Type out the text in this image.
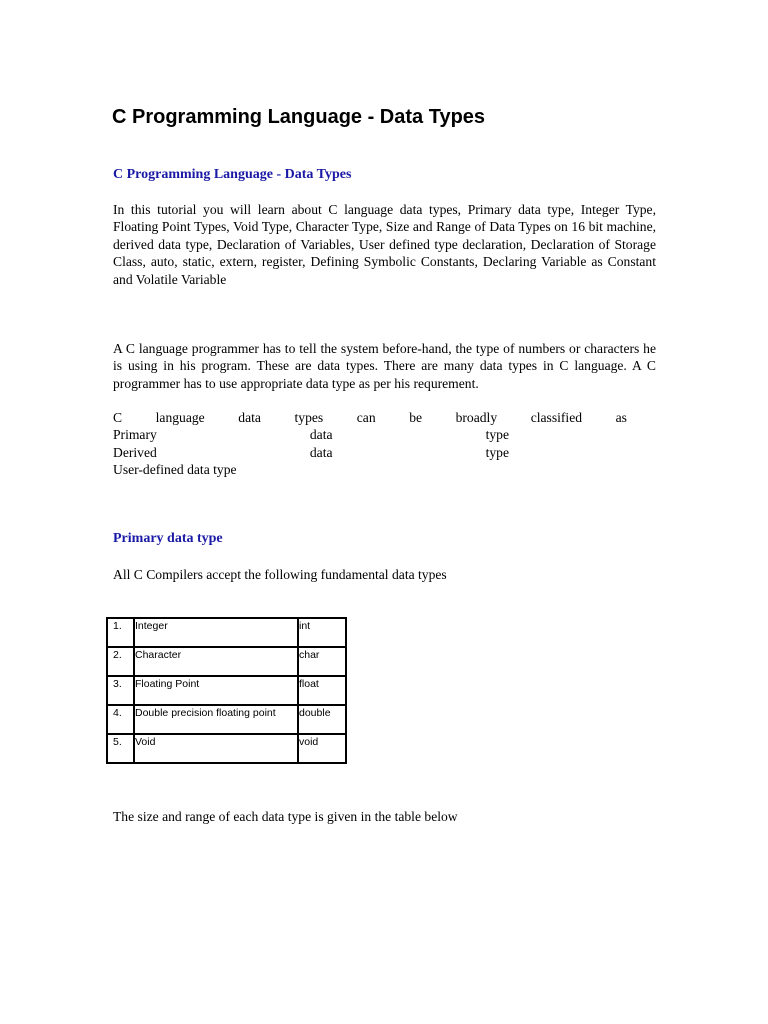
C Programming Language - Data Types
C Programming Language - Data Types

In this tutorial you will learn about C language data types, Primary data type, Integer Type, Floating Point Types, Void Type, Character Type, Size and Range of Data Types on 16 bit machine, derived data type, Declaration of Variables, User defined type declaration, Declaration of Storage Class, auto, static, extern, register, Defining Symbolic Constants, Declaring Variable as Constant and Volatile Variable

A C language programmer has to tell the system before-hand, the type of numbers or characters he is using in his program. These are data types. There are many data types in C language. A C programmer has to use appropriate data type as per his requrement.

C language data types can be broadly classified as
Primary	data	type
Derived	data	type
User-defined data type
Primary data type

All C Compilers accept the following fundamental data types

1.	Integer	int
2.	Character	char
3.	Floating Point	float
4.	Double precision floating point	double
5.	Void	void

The size and range of each data type is given in the table below
